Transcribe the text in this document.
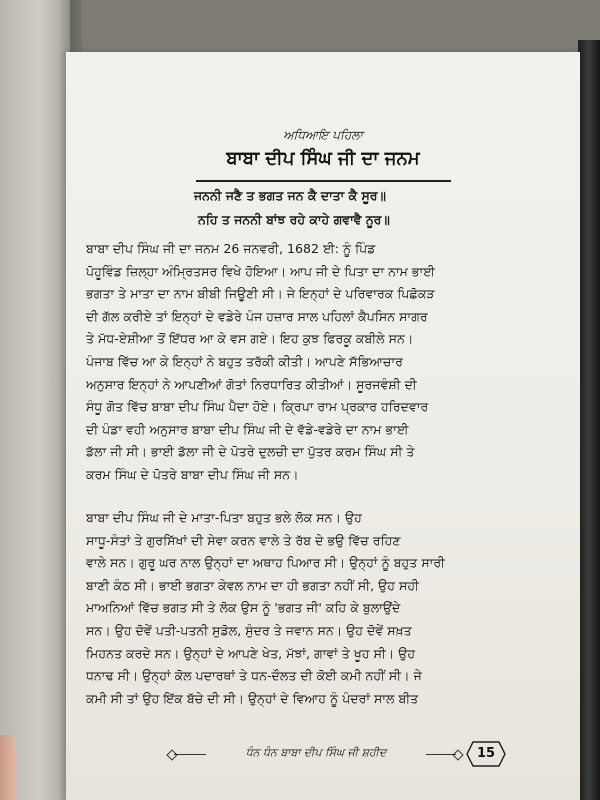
ਅਧਿਆਇ ਪਹਿਲਾ
ਬਾਬਾ ਦੀਪ ਸਿੰਘ ਜੀ ਦਾ ਜਨਮ
ਜਨਨੀ ਜਣੈ ਤ ਭਗਤ ਜਨ ਕੈ ਦਾਤਾ ਕੈ ਸੂਰ॥
ਨਹਿ ਤ ਜਨਨੀ ਬਾਂਝ ਰਹੇ ਕਾਹੇ ਗਵਾਵੈ ਨੂਰ॥
ਬਾਬਾ ਦੀਪ ਸਿੰਘ ਜੀ ਦਾ ਜਨਮ 26 ਜਨਵਰੀ, 1682 ਈ: ਨੂੰ ਪਿੰਡ
ਪੋਹੂਵਿੰਡ ਜ਼ਿਲ੍ਹਾ ਅੰਮ੍ਰਿਤਸਰ ਵਿਖੇ ਹੋਇਆ। ਆਪ ਜੀ ਦੇ ਪਿਤਾ ਦਾ ਨਾਮ ਭਾਈ
ਭਗਤਾ ਤੇ ਮਾਤਾ ਦਾ ਨਾਮ ਬੀਬੀ ਜਿਊਣੀ ਸੀ। ਜੇ ਇਨ੍ਹਾਂ ਦੇ ਪਰਿਵਾਰਕ ਪਿਛੋਕੜ
ਦੀ ਗੱਲ ਕਰੀਏ ਤਾਂ ਇਨ੍ਹਾਂ ਦੇ ਵਡੇਰੇ ਪੰਜ ਹਜ਼ਾਰ ਸਾਲ ਪਹਿਲਾਂ ਕੈਪਸਿਨ ਸਾਗਰ
ਤੇ ਮੱਧ-ਏਸ਼ੀਆ ਤੋਂ ਇੱਧਰ ਆ ਕੇ ਵਸ ਗਏ। ਇਹ ਕੁਝ ਫਿਰਕੂ ਕਬੀਲੇ ਸਨ।
ਪੰਜਾਬ ਵਿੱਚ ਆ ਕੇ ਇਨ੍ਹਾਂ ਨੇ ਬਹੁਤ ਤਰੱਕੀ ਕੀਤੀ। ਆਪਣੇ ਸੱਭਿਆਚਾਰ
ਅਨੁਸਾਰ ਇਨ੍ਹਾਂ ਨੇ ਆਪਣੀਆਂ ਗੋਤਾਂ ਨਿਰਧਾਰਿਤ ਕੀਤੀਆਂ। ਸੂਰਜਵੰਸ਼ੀ ਦੀ
ਸੰਧੂ ਗੋਤ ਵਿੱਚ ਬਾਬਾ ਦੀਪ ਸਿੰਘ ਪੈਦਾ ਹੋਏ। ਕ੍ਰਿਪਾ ਰਾਮ ਪ੍ਰਕਾਰ ਹਰਿਦਵਾਰ
ਦੀ ਪੰਡਾ ਵਹੀ ਅਨੁਸਾਰ ਬਾਬਾ ਦੀਪ ਸਿੰਘ ਜੀ ਦੇ ਵੱਡੇ-ਵਡੇਰੇ ਦਾ ਨਾਮ ਭਾਈ
ਡੱਲਾ ਜੀ ਸੀ। ਭਾਈ ਡੱਲਾ ਜੀ ਦੇ ਪੋਤਰੇ ਦੁਲਚੀ ਦਾ ਪੁੱਤਰ ਕਰਮ ਸਿੰਘ ਸੀ ਤੇ
ਕਰਮ ਸਿੰਘ ਦੇ ਪੋਤਰੇ ਬਾਬਾ ਦੀਪ ਸਿੰਘ ਜੀ ਸਨ।
ਬਾਬਾ ਦੀਪ ਸਿੰਘ ਜੀ ਦੇ ਮਾਤਾ-ਪਿਤਾ ਬਹੁਤ ਭਲੇ ਲੋਕ ਸਨ। ਉਹ
ਸਾਧੂ-ਸੰਤਾਂ ਤੇ ਗੁਰਸਿੱਖਾਂ ਦੀ ਸੇਵਾ ਕਰਨ ਵਾਲੇ ਤੇ ਰੱਬ ਦੇ ਭਉ ਵਿੱਚ ਰਹਿਣ
ਵਾਲੇ ਸਨ। ਗੁਰੂ ਘਰ ਨਾਲ ਉਨ੍ਹਾਂ ਦਾ ਅਥਾਹ ਪਿਆਰ ਸੀ। ਉਨ੍ਹਾਂ ਨੂੰ ਬਹੁਤ ਸਾਰੀ
ਬਾਣੀ ਕੰਠ ਸੀ। ਭਾਈ ਭਗਤਾ ਕੇਵਲ ਨਾਮ ਦਾ ਹੀ ਭਗਤਾ ਨਹੀਂ ਸੀ, ਉਹ ਸਹੀ
ਮਾਅਨਿਆਂ ਵਿੱਚ ਭਗਤ ਸੀ ਤੇ ਲੋਕ ਉਸ ਨੂੰ 'ਭਗਤ ਜੀ' ਕਹਿ ਕੇ ਬੁਲਾਉਂਦੇ
ਸਨ। ਉਹ ਦੋਵੇਂ ਪਤੀ-ਪਤਨੀ ਸੁਡੋਲ, ਸੁੰਦਰ ਤੇ ਜਵਾਨ ਸਨ। ਉਹ ਦੋਵੇਂ ਸਖ਼ਤ
ਮਿਹਨਤ ਕਰਦੇ ਸਨ। ਉਨ੍ਹਾਂ ਦੇ ਆਪਣੇ ਖੇਤ, ਮੱਝਾਂ, ਗਾਵਾਂ ਤੇ ਖੂਹ ਸੀ। ਉਹ
ਧਨਾਢ ਸੀ। ਉਨ੍ਹਾਂ ਕੋਲ ਪਦਾਰਥਾਂ ਤੇ ਧਨ-ਦੌਲਤ ਦੀ ਕੋਈ ਕਮੀ ਨਹੀਂ ਸੀ। ਜੇ
ਕਮੀ ਸੀ ਤਾਂ ਉਹ ਇੱਕ ਬੱਚੇ ਦੀ ਸੀ। ਉਨ੍ਹਾਂ ਦੇ ਵਿਆਹ ਨੂੰ ਪੰਦਰਾਂ ਸਾਲ ਬੀਤ
ਧੰਨ ਧੰਨ ਬਾਬਾ ਦੀਪ ਸਿੰਘ ਜੀ ਸ਼ਹੀਦ	15
